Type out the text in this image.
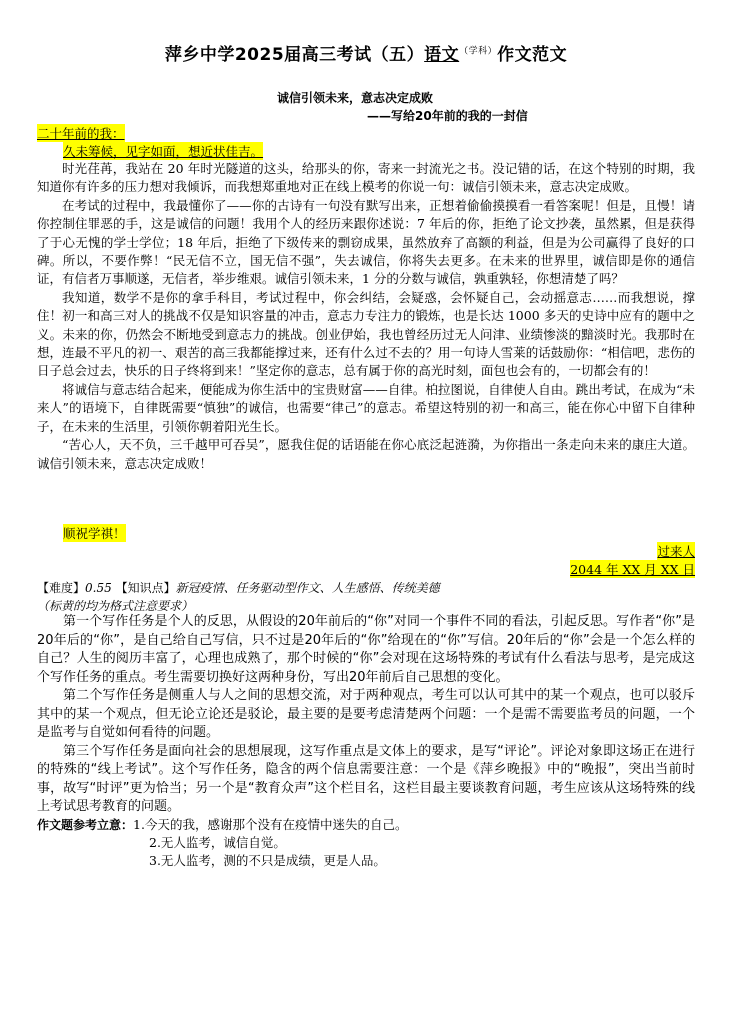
萍乡中学2025届高三考试（五）语文$^{(学科)}$作文范文
诚信引领未来，意志决定成败
——写给20年前的我的一封信
二十年前的我：
久未筹候，见字如面，想近状佳吉。

时光荏苒，我站在 20 年时光隧道的这头，给那头的你，寄来一封流光之书。没记错的话，在这个特别的时期，我知道你有许多的压力想对我倾诉，而我想郑重地对正在线上模考的你说一句：诚信引领未来，意志决定成败。

在考试的过程中，我最懂你了——你的古诗有一句没有默写出来，正想着偷偷摸摸看一看答案呢！但是，且慢！请你控制住罪恶的手，这是诚信的问题！我用个人的经历来跟你述说：7 年后的你，拒绝了论文抄袭，虽然累，但是获得了于心无愧的学士学位；18 年后，拒绝了下级传来的剽窃成果，虽然放弃了高额的利益，但是为公司赢得了良好的口碑。所以，不要作弊！“民无信不立，国无信不强”，失去诚信，你将失去更多。在未来的世界里，诚信即是你的通信证，有信者万事顺遂，无信者，举步维艰。诚信引领未来，1 分的分数与诚信，孰重孰轻，你想清楚了吗？

我知道，数学不是你的拿手科目，考试过程中，你会纠结，会疑惑，会怀疑自己，会动摇意志……而我想说，撑住！初一和高三对人的挑战不仅是知识容量的冲击，意志力专注力的锻炼，也是长达 1000 多天的史诗中应有的题中之义。未来的你，仍然会不断地受到意志力的挑战。创业伊始，我也曾经历过无人问津、业绩惨淡的黯淡时光。我那时在想，连最不平凡的初一、艰苦的高三我都能撑过来，还有什么过不去的？用一句诗人雪莱的话鼓励你：“相信吧，悲伤的日子总会过去，快乐的日子终将到来！”坚定你的意志，总有属于你的高光时刻，面包也会有的，一切都会有的！

将诚信与意志结合起来，便能成为你生活中的宝贵财富——自律。柏拉图说，自律使人自由。跳出考试，在成为“未来人”的语境下，自律既需要“慎独”的诚信，也需要“律己”的意志。希望这特别的初一和高三，能在你心中留下自律种子，在未来的生活里，引领你朝着阳光生长。

“苦心人，天不负，三千越甲可吞吴”，愿我住促的话语能在你心底泛起涟漪，为你指出一条走向未来的康庄大道。诚信引领未来，意志决定成败！

顺祝学祺！
过来人
2044 年 XX 月 XX 日
【难度】0.55 【知识点】新冠疫情、任务驱动型作文、人生感悟、传统美德
（标黄的均为格式注意要求）

第一个写作任务是个人的反思，从假设的20年前后的“你”对同一个事件不同的看法，引起反思。写作者“你”是20年后的“你”，是自己给自己写信，只不过是20年后的“你”给现在的“你”写信。20年后的“你”会是一个怎么样的自己？人生的阅历丰富了，心理也成熟了，那个时候的“你”会对现在这场特殊的考试有什么看法与思考，是完成这个写作任务的重点。考生需要切换好这两种身份，写出20年前后自己思想的变化。

第二个写作任务是侧重人与人之间的思想交流，对于两种观点，考生可以认可其中的某一个观点，也可以驳斥其中的某一个观点，但无论立论还是驳论，最主要的是要考虑清楚两个问题：一个是需不需要监考员的问题，一个是监考与自觉如何看待的问题。

第三个写作任务是面向社会的思想展现，这写作重点是文体上的要求，是写“评论”。评论对象即这场正在进行的特殊的“线上考试”。这个写作任务，隐含的两个信息需要注意：一个是《萍乡晚报》中的“晚报”，突出当前时事，故写“时评”更为恰当；另一个是“教育众声”这个栏目名，这栏目最主要谈教育问题，考生应该从这场特殊的线上考试思考教育的问题。

作文题参考立意：1.今天的我，感谢那个没有在疫情中迷失的自己。
2.无人监考，诚信自觉。
3.无人监考，测的不只是成绩，更是人品。
